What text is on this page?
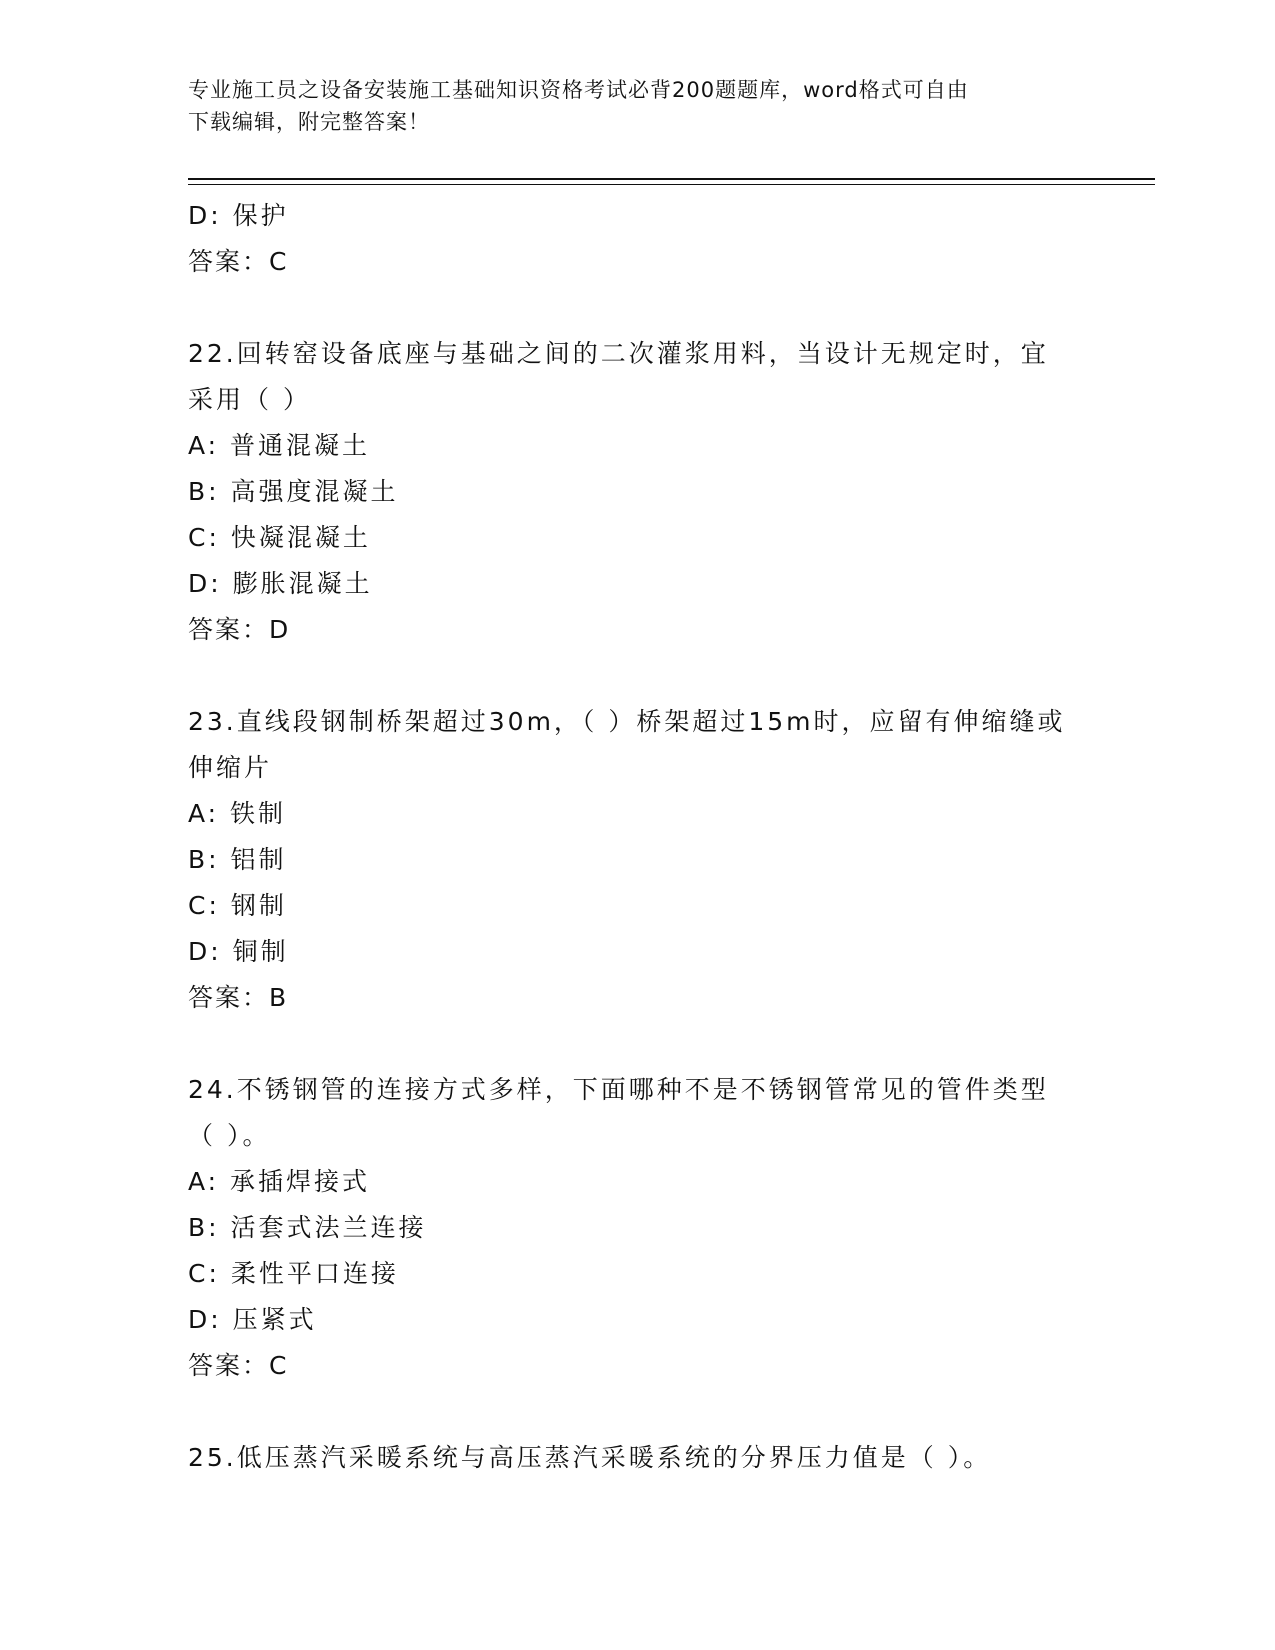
专业施工员之设备安装施工基础知识资格考试必背200题题库，word格式可自由
下载编辑，附完整答案！
D: 保护
答案：C
22.回转窑设备底座与基础之间的二次灌浆用料，当设计无规定时，宜
采用（ ）
A: 普通混凝土
B: 高强度混凝土
C: 快凝混凝土
D: 膨胀混凝土
答案：D
23.直线段钢制桥架超过30m，（ ）桥架超过15m时，应留有伸缩缝或
伸缩片
A: 铁制
B: 铝制
C: 钢制
D: 铜制
答案：B
24.不锈钢管的连接方式多样，下面哪种不是不锈钢管常见的管件类型
（ ）。
A: 承插焊接式
B: 活套式法兰连接
C: 柔性平口连接
D: 压紧式
答案：C
25.低压蒸汽采暖系统与高压蒸汽采暖系统的分界压力值是（ ）。
